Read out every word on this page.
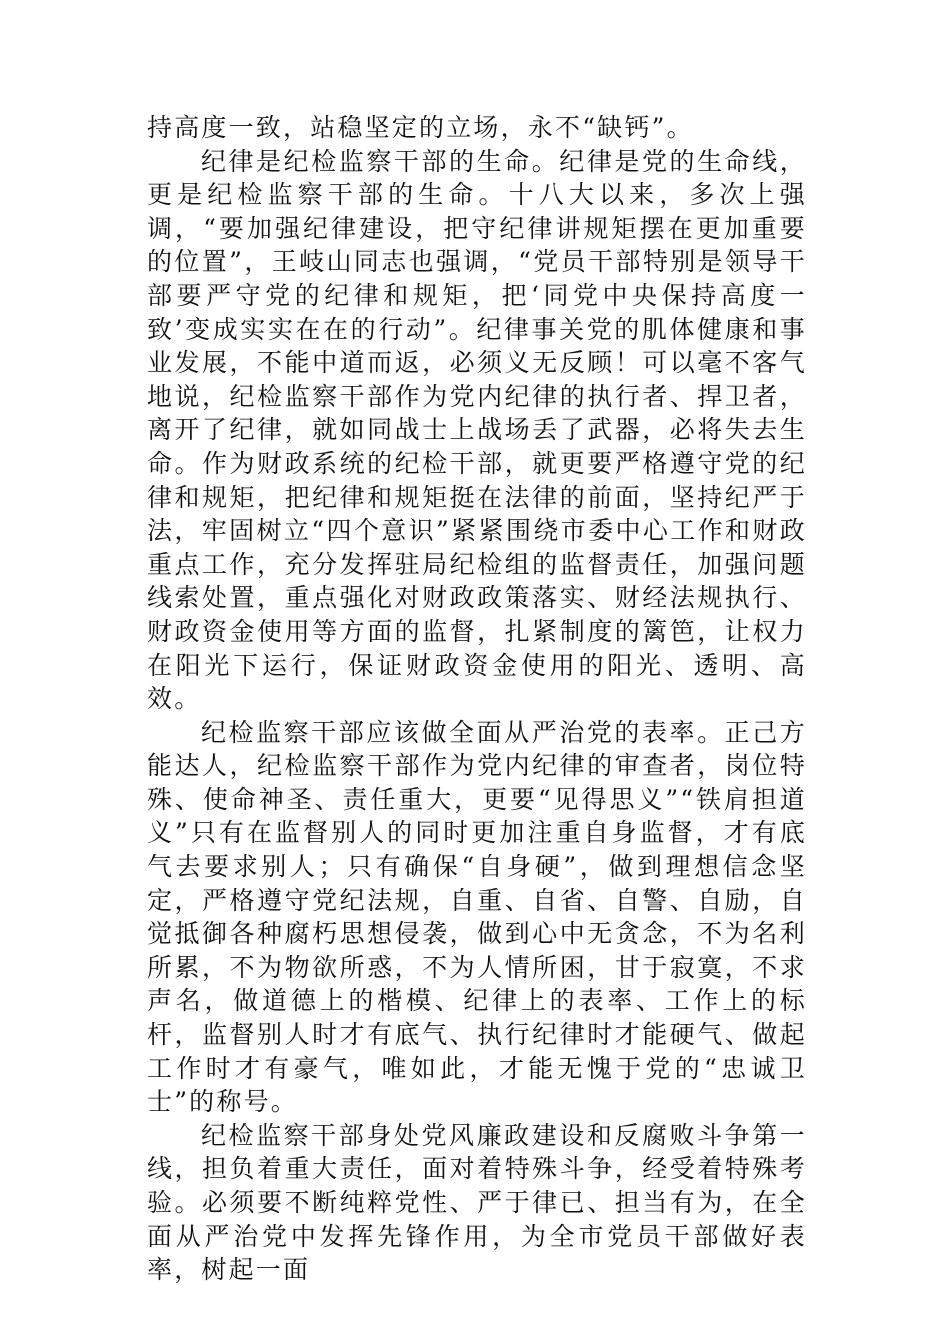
持高度一致，站稳坚定的立场，永不“缺钙”。

纪律是纪检监察干部的生命。纪律是党的生命线，更是纪检监察干部的生命。十八大以来，多次上强调，“要加强纪律建设，把守纪律讲规矩摆在更加重要的位置”，王岐山同志也强调，“党员干部特别是领导干部要严守党的纪律和规矩，把‘同党中央保持高度一致’变成实实在在的行动”。纪律事关党的肌体健康和事业发展，不能中道而返，必须义无反顾！可以毫不客气地说，纪检监察干部作为党内纪律的执行者、捍卫者，离开了纪律，就如同战士上战场丢了武器，必将失去生命。作为财政系统的纪检干部，就更要严格遵守党的纪律和规矩，把纪律和规矩挺在法律的前面，坚持纪严于法，牢固树立“四个意识”紧紧围绕市委中心工作和财政重点工作，充分发挥驻局纪检组的监督责任，加强问题线索处置，重点强化对财政政策落实、财经法规执行、财政资金使用等方面的监督，扎紧制度的篱笆，让权力在阳光下运行，保证财政资金使用的阳光、透明、高效。

纪检监察干部应该做全面从严治党的表率。正己方能达人，纪检监察干部作为党内纪律的审查者，岗位特殊、使命神圣、责任重大，更要“见得思义”“铁肩担道义”只有在监督别人的同时更加注重自身监督，才有底气去要求别人；只有确保“自身硬”，做到理想信念坚定，严格遵守党纪法规，自重、自省、自警、自励，自觉抵御各种腐朽思想侵袭，做到心中无贪念，不为名利所累，不为物欲所惑，不为人情所困，甘于寂寞，不求声名，做道德上的楷模、纪律上的表率、工作上的标杆，监督别人时才有底气、执行纪律时才能硬气、做起工作时才有豪气，唯如此，才能无愧于党的“忠诚卫士”的称号。

纪检监察干部身处党风廉政建设和反腐败斗争第一线，担负着重大责任，面对着特殊斗争，经受着特殊考验。必须要不断纯粹党性、严于律已、担当有为，在全面从严治党中发挥先锋作用，为全市党员干部做好表率，树起一面
